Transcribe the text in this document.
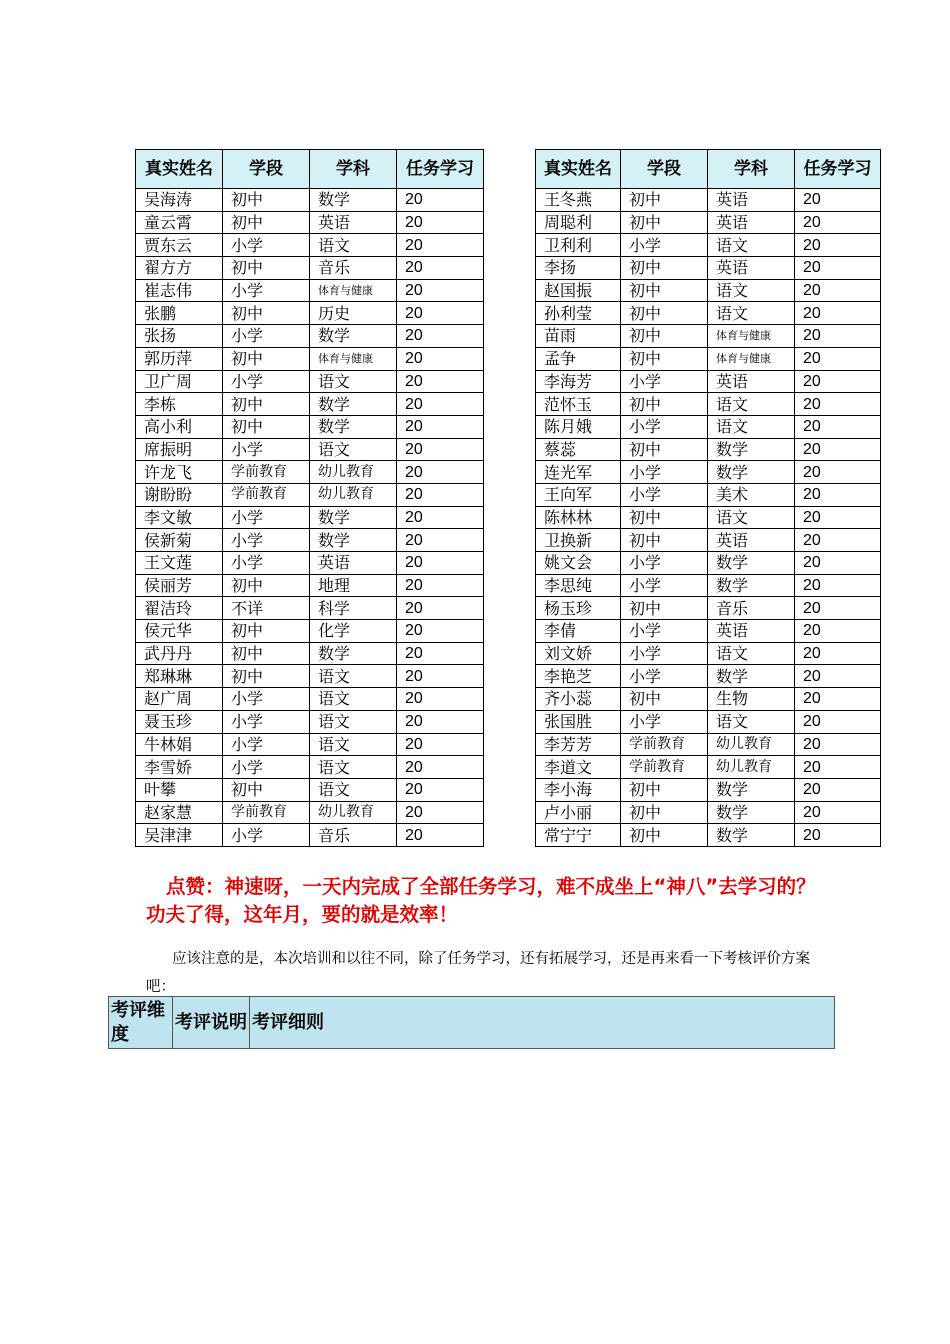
真实姓名	学段	学科	任务学习
吴海涛	初中	数学	20
童云霄	初中	英语	20
贾东云	小学	语文	20
翟方方	初中	音乐	20
崔志伟	小学	体育与健康	20
张鹏	初中	历史	20
张扬	小学	数学	20
郭历萍	初中	体育与健康	20
卫广周	小学	语文	20
李栋	初中	数学	20
高小利	初中	数学	20
席振明	小学	语文	20
许龙飞	学前教育	幼儿教育	20
谢盼盼	学前教育	幼儿教育	20
李文敏	小学	数学	20
侯新菊	小学	数学	20
王文莲	小学	英语	20
侯丽芳	初中	地理	20
翟洁玲	不详	科学	20
侯元华	初中	化学	20
武丹丹	初中	数学	20
郑琳琳	初中	语文	20
赵广周	小学	语文	20
聂玉珍	小学	语文	20
牛林娟	小学	语文	20
李雪娇	小学	语文	20
叶攀	初中	语文	20
赵家慧	学前教育	幼儿教育	20
吴津津	小学	音乐	20
真实姓名	学段	学科	任务学习
王冬燕	初中	英语	20
周聪利	初中	英语	20
卫利利	小学	语文	20
李扬	初中	英语	20
赵国振	初中	语文	20
孙利莹	初中	语文	20
苗雨	初中	体育与健康	20
孟争	初中	体育与健康	20
李海芳	小学	英语	20
范怀玉	初中	语文	20
陈月娥	小学	语文	20
蔡蕊	初中	数学	20
连光军	小学	数学	20
王向军	小学	美术	20
陈林林	初中	语文	20
卫换新	初中	英语	20
姚文会	小学	数学	20
李思纯	小学	数学	20
杨玉珍	初中	音乐	20
李倩	小学	英语	20
刘文娇	小学	语文	20
李艳芝	小学	数学	20
齐小蕊	初中	生物	20
张国胜	小学	语文	20
李芳芳	学前教育	幼儿教育	20
李道文	学前教育	幼儿教育	20
李小海	初中	数学	20
卢小丽	初中	数学	20
常宁宁	初中	数学	20
点赞：神速呀，一天内完成了全部任务学习，难不成坐上“神八”去学习的？功夫了得，这年月，要的就是效率！
应该注意的是，本次培训和以往不同，除了任务学习，还有拓展学习，还是再来看一下考核评价方案吧：
考评维度	考评说明	考评细则
